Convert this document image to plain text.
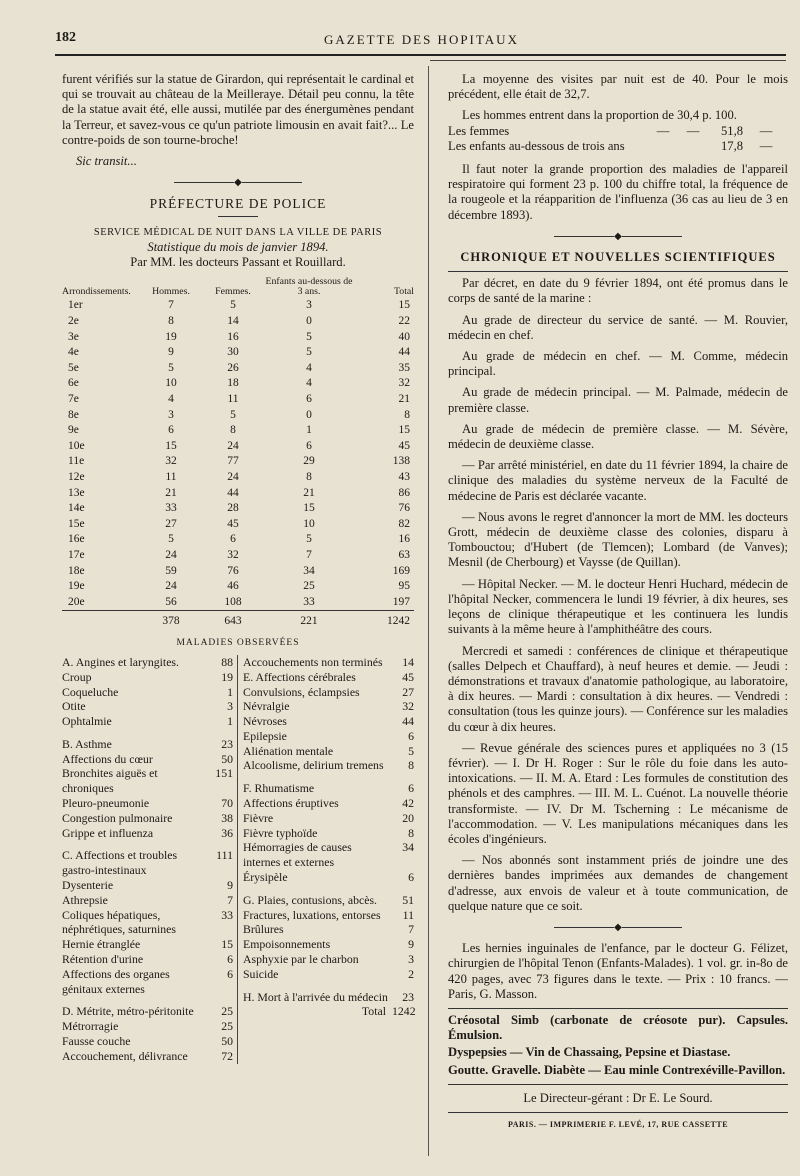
182	GAZETTE DES HOPITAUX

furent vérifiés sur la statue de Girardon, qui représentait le cardinal et qui se trouvait au château de la Meilleraye. Détail peu connu, la tête de la statue avait été, elle aussi, mutilée par des énergumènes pendant la Terreur, et savez-vous ce qu'un patriote limousin en avait fait?... Le contre-poids de son tourne-broche!

Sic transit...

◆
PRÉFECTURE DE POLICE
SERVICE MÉDICAL DE NUIT DANS LA VILLE DE PARIS
Statistique du mois de janvier 1894.
Par MM. les docteurs Passant et Rouillard.
Arrondissements.	Hommes.	Femmes.	Enfants au-dessous de 3 ans.	Total
1er	7	5	3	15
2e	8	14	0	22
3e	19	16	5	40
4e	9	30	5	44
5e	5	26	4	35
6e	10	18	4	32
7e	4	11	6	21
8e	3	5	0	8
9e	6	8	1	15
10e	15	24	6	45
11e	32	77	29	138
12e	11	24	8	43
13e	21	44	21	86
14e	33	28	15	76
15e	27	45	10	82
16e	5	6	5	16
17e	24	32	7	63
18e	59	76	34	169
19e	24	46	25	95
20e	56	108	33	197
	378	643	221	1242
MALADIES OBSERVÉES
A. Angines et laryngites.	88
Croup	19
Coqueluche	1
Otite	3
Ophtalmie	1
B. Asthme	23
Affections du cœur	50
Bronchites aiguës et chroniques
151
Pleuro-pneumonie	70
Congestion pulmonaire	38
Grippe et influenza	36
C. Affections et troubles gastro-intestinaux
111
Dysenterie	9
Athrepsie	7
Coliques hépatiques, néphrétiques, saturnines
33
Hernie étranglée	15
Rétention d'urine	6
Affections des organes génitaux externes
6
D. Métrite, métro-péritonite	25
Métrorragie	25
Fausse couche	50
Accouchement, délivrance	72
Accouchements non terminés	14
E. Affections cérébrales	45
Convulsions, éclampsies	27
Névralgie	32
Névroses	44
Epilepsie	6
Aliénation mentale	5
Alcoolisme, delirium tremens	8
F. Rhumatisme	6
Affections éruptives	42
Fièvre	20
Fièvre typhoïde	8
Hémorragies de causes internes et externes
34
Érysipèle	6
G. Plaies, contusions, abcès.	51
Fractures, luxations, entorses	11
Brûlures	7
Empoisonnements	9
Asphyxie par le charbon	3
Suicide	2
H. Mort à l'arrivée du médecin	23
Total 1242

La moyenne des visites par nuit est de 40. Pour le mois précédent, elle était de 32,7.

Les hommes entrent dans la proportion de 30,4 p. 100.
Les femmes	—	—	51,8	—
Les enfants au-dessous de trois ans	17,8	—

Il faut noter la grande proportion des maladies de l'appareil respiratoire qui forment 23 p. 100 du chiffre total, la fréquence de la rougeole et la réapparition de l'influenza (36 cas au lieu de 3 en décembre 1893).

◆
CHRONIQUE ET NOUVELLES SCIENTIFIQUES

Par décret, en date du 9 février 1894, ont été promus dans le corps de santé de la marine :

Au grade de directeur du service de santé. — M. Rouvier, médecin en chef.

Au grade de médecin en chef. — M. Comme, médecin principal.

Au grade de médecin principal. — M. Palmade, médecin de première classe.

Au grade de médecin de première classe. — M. Sévère, médecin de deuxième classe.

— Par arrêté ministériel, en date du 11 février 1894, la chaire de clinique des maladies du système nerveux de la Faculté de médecine de Paris est déclarée vacante.

— Nous avons le regret d'annoncer la mort de MM. les docteurs Grott, médecin de deuxième classe des colonies, disparu à Tombouctou; d'Hubert (de Tlemcen); Lombard (de Vanves); Mesnil (de Cherbourg) et Vaysse (de Quillan).

— Hôpital Necker. — M. le docteur Henri Huchard, médecin de l'hôpital Necker, commencera le lundi 19 février, à dix heures, ses leçons de clinique thérapeutique et les continuera les lundis suivants à la même heure à l'amphithéâtre des cours.

Mercredi et samedi : conférences de clinique et thérapeutique (salles Delpech et Chauffard), à neuf heures et demie. — Jeudi : démonstrations et travaux d'anatomie pathologique, au laboratoire, à dix heures. — Mardi : consultation à dix heures. — Vendredi : consultation (tous les quinze jours). — Conférence sur les maladies du cœur à dix heures.

— Revue générale des sciences pures et appliquées no 3 (15 février). — I. Dr H. Roger : Sur le rôle du foie dans les auto-intoxications. — II. M. A. Etard : Les formules de constitution des phénols et des camphres. — III. M. L. Cuénot. La nouvelle théorie transformiste. — IV. Dr M. Tscherning : Le mécanisme de l'accommodation. — V. Les manipulations mécaniques dans les écoles d'ingénieurs.

— Nos abonnés sont instamment priés de joindre une des dernières bandes imprimées aux demandes de changement d'adresse, aux envois de valeur et à toute communication, de quelque nature que ce soit.

◆

Les hernies inguinales de l'enfance, par le docteur G. Félizet, chirurgien de l'hôpital Tenon (Enfants-Malades). 1 vol. gr. in-8o de 420 pages, avec 73 figures dans le texte. — Prix : 10 francs. — Paris, G. Masson.

Créosotal Simb (carbonate de créosote pur). Capsules. Émulsion.

Dyspepsies — Vin de Chassaing, Pepsine et Diastase.

Goutte. Gravelle. Diabète — Eau minle Contrexéville-Pavillon.

Le Directeur-gérant : Dr E. Le Sourd.
PARIS. — IMPRIMERIE F. LEVÉ, 17, RUE CASSETTE
